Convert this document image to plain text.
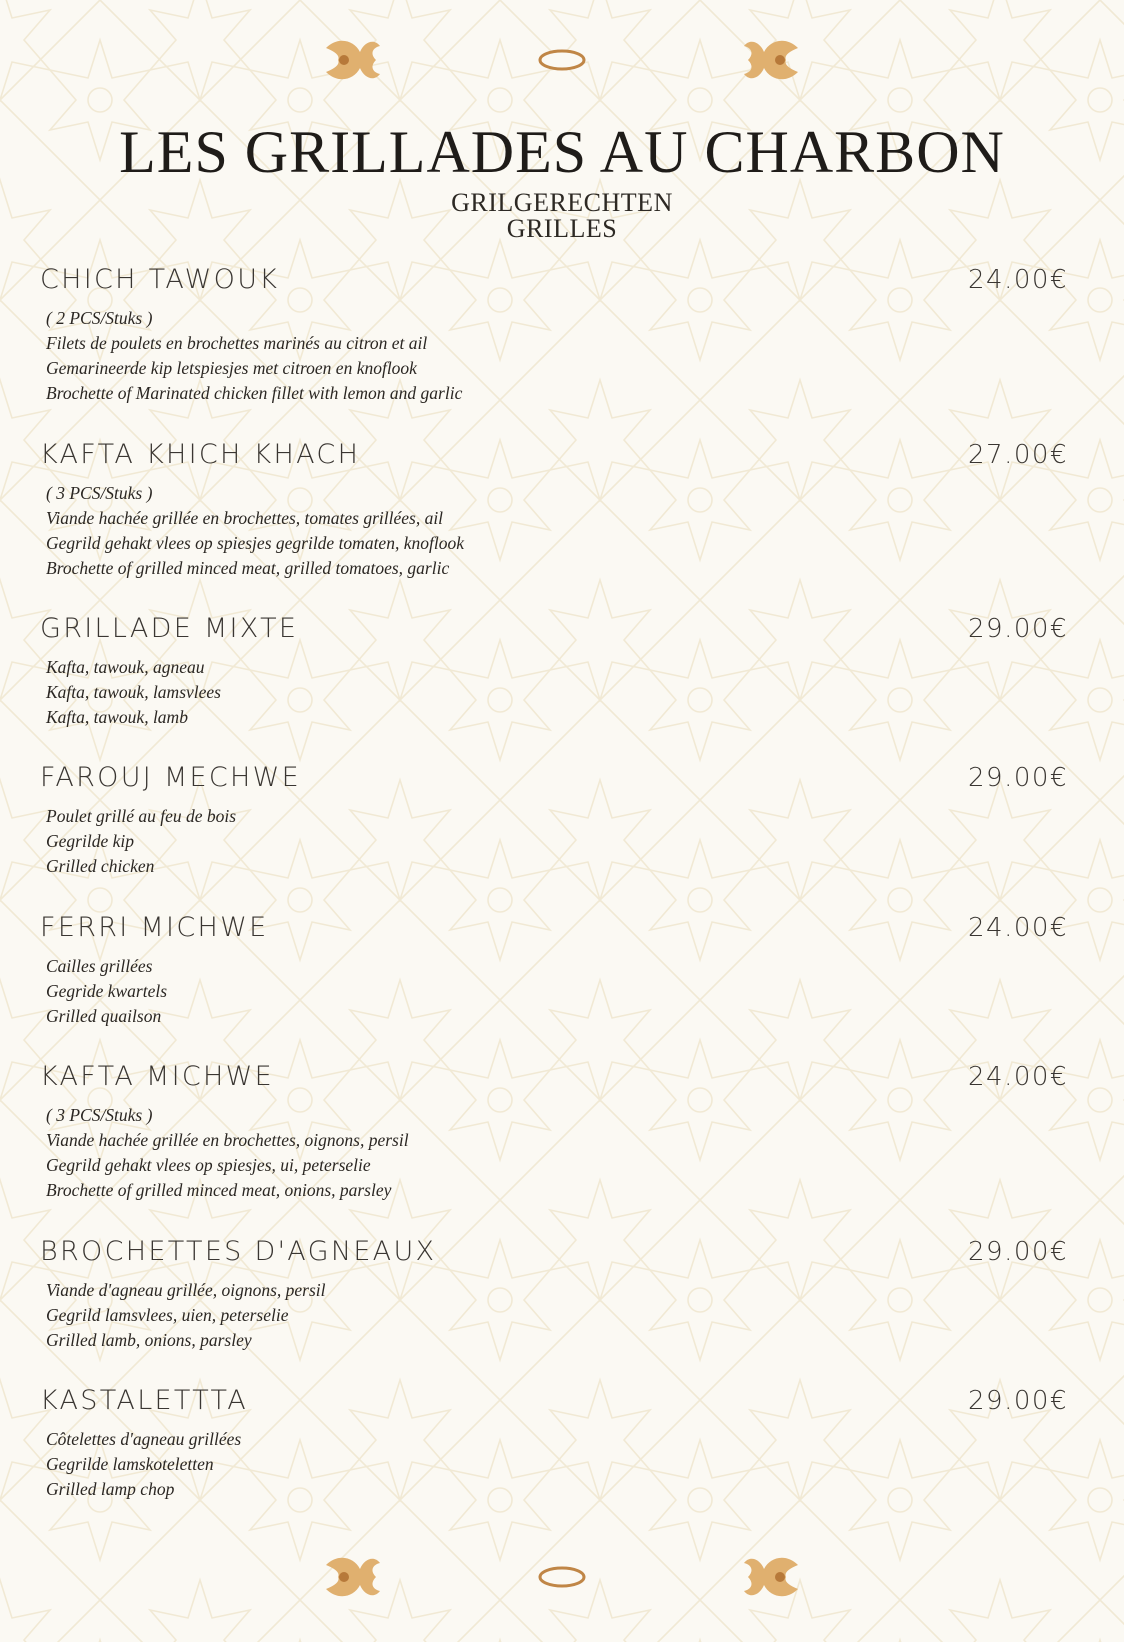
LES GRILLADES AU CHARBON
GRILGERECHTEN
GRILLES
CHICH TAWOUK	24.00€
( 2 PCS/Stuks )
Filets de poulets en brochettes marinés au citron et ail
Gemarineerde kip letspiesjes met citroen en knoflook
Brochette of Marinated chicken fillet with lemon and garlic
KAFTA KHICH KHACH	27.00€
( 3 PCS/Stuks )
Viande hachée grillée en brochettes, tomates grillées, ail
Gegrild gehakt vlees op spiesjes gegrilde tomaten, knoflook
Brochette of grilled minced meat, grilled tomatoes, garlic
GRILLADE MIXTE	29.00€
Kafta, tawouk, agneau
Kafta, tawouk, lamsvlees
Kafta, tawouk, lamb
FAROUJ MECHWE	29.00€
Poulet grillé au feu de bois
Gegrilde kip
Grilled chicken
FERRI MICHWE	24.00€
Cailles grillées
Gegride kwartels
Grilled quailson
KAFTA MICHWE	24.00€
( 3 PCS/Stuks )
Viande hachée grillée en brochettes, oignons, persil
Gegrild gehakt vlees op spiesjes, ui, peterselie
Brochette of grilled minced meat, onions, parsley
BROCHETTES D'AGNEAUX	29.00€
Viande d'agneau grillée, oignons, persil
Gegrild lamsvlees, uien, peterselie
Grilled lamb, onions, parsley
KASTALETTTA	29.00€
Côtelettes d'agneau grillées
Gegrilde lamskoteletten
Grilled lamp chop
